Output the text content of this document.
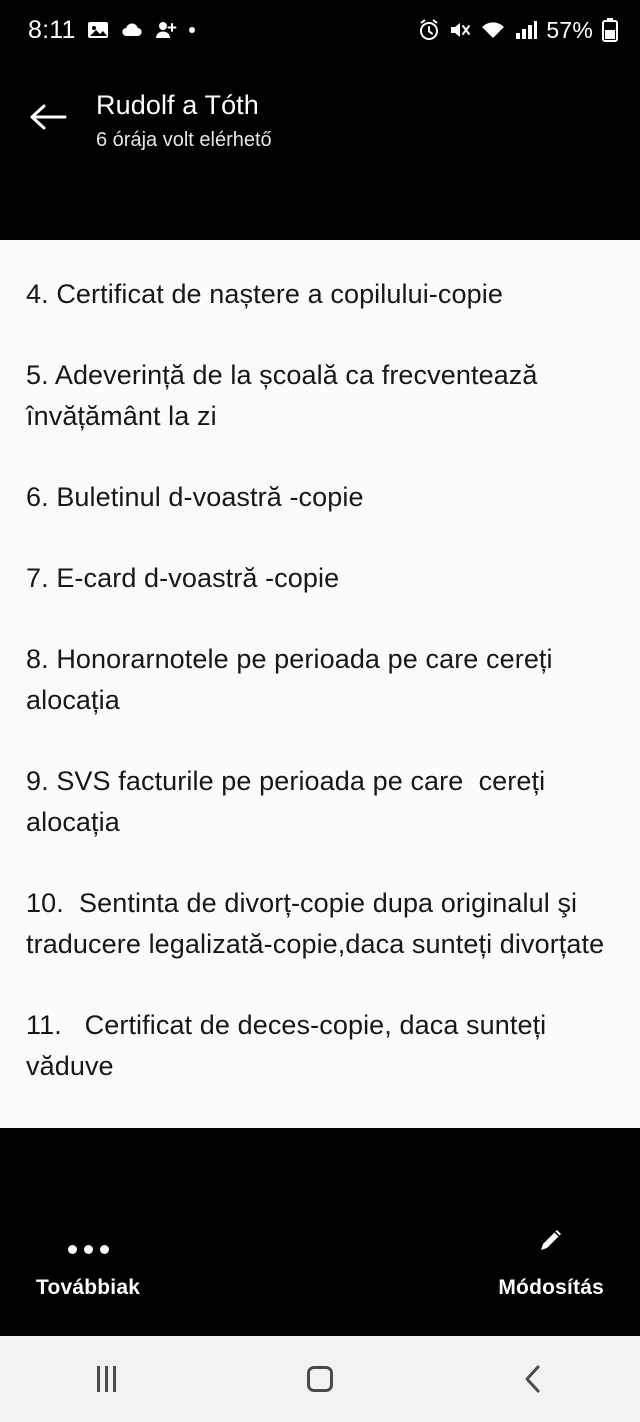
8:11	57%
Rudolf a Tóth
6 órája volt elérhető

4. Certificat de naștere a copilului-copie

5. Adeverință de la școală ca frecventează învățământ la zi

6. Buletinul d-voastră -copie

7. E-card d-voastră -copie

8. Honorarnotele pe perioada pe care cereți alocația

9. SVS facturile pe perioada pe care  cereți alocația

10.  Sentinta de divorț-copie dupa originalul şi traducere legalizată-copie,daca sunteți divorțate

11.   Certificat de deces-copie, daca sunteți văduve

Továbbiak	Módosítás
